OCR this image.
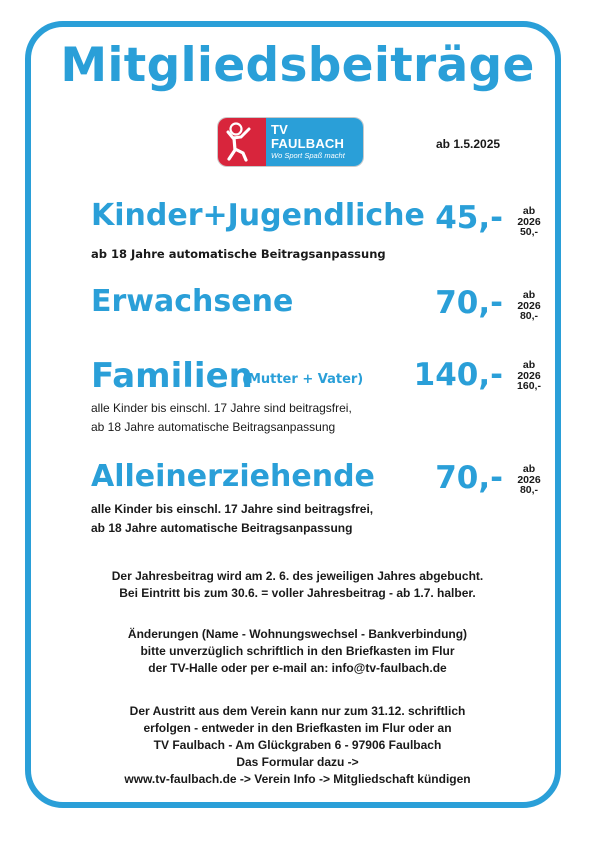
Mitgliedsbeiträge
TV FAULBACH
Wo Sport Spaß macht
ab 1.5.2025
Kinder+Jugendliche 45,-	ab
2026
50,-
ab 18 Jahre automatische Beitragsanpassung
Erwachsene	70,-	ab
2026
80,-
Familien
(Mutter + Vater) 140,-	ab
2026
160,-
alle Kinder bis einschl. 17 Jahre sind beitragsfrei,
ab 18 Jahre automatische Beitragsanpassung
Alleinerziehende 70,-	ab
2026
80,-
alle Kinder bis einschl. 17 Jahre sind beitragsfrei,
ab 18 Jahre automatische Beitragsanpassung
Der Jahresbeitrag wird am 2. 6. des jeweiligen Jahres abgebucht.
Bei Eintritt bis zum 30.6. = voller Jahresbeitrag - ab 1.7. halber.
Änderungen (Name - Wohnungswechsel - Bankverbindung)
bitte unverzüglich schriftlich in den Briefkasten im Flur
der TV-Halle oder per e-mail an: info@tv-faulbach.de
Der Austritt aus dem Verein kann nur zum 31.12. schriftlich
erfolgen - entweder in den Briefkasten im Flur oder an
TV Faulbach - Am Glückgraben 6 - 97906 Faulbach
Das Formular dazu ->
www.tv-faulbach.de -> Verein Info -> Mitgliedschaft kündigen
